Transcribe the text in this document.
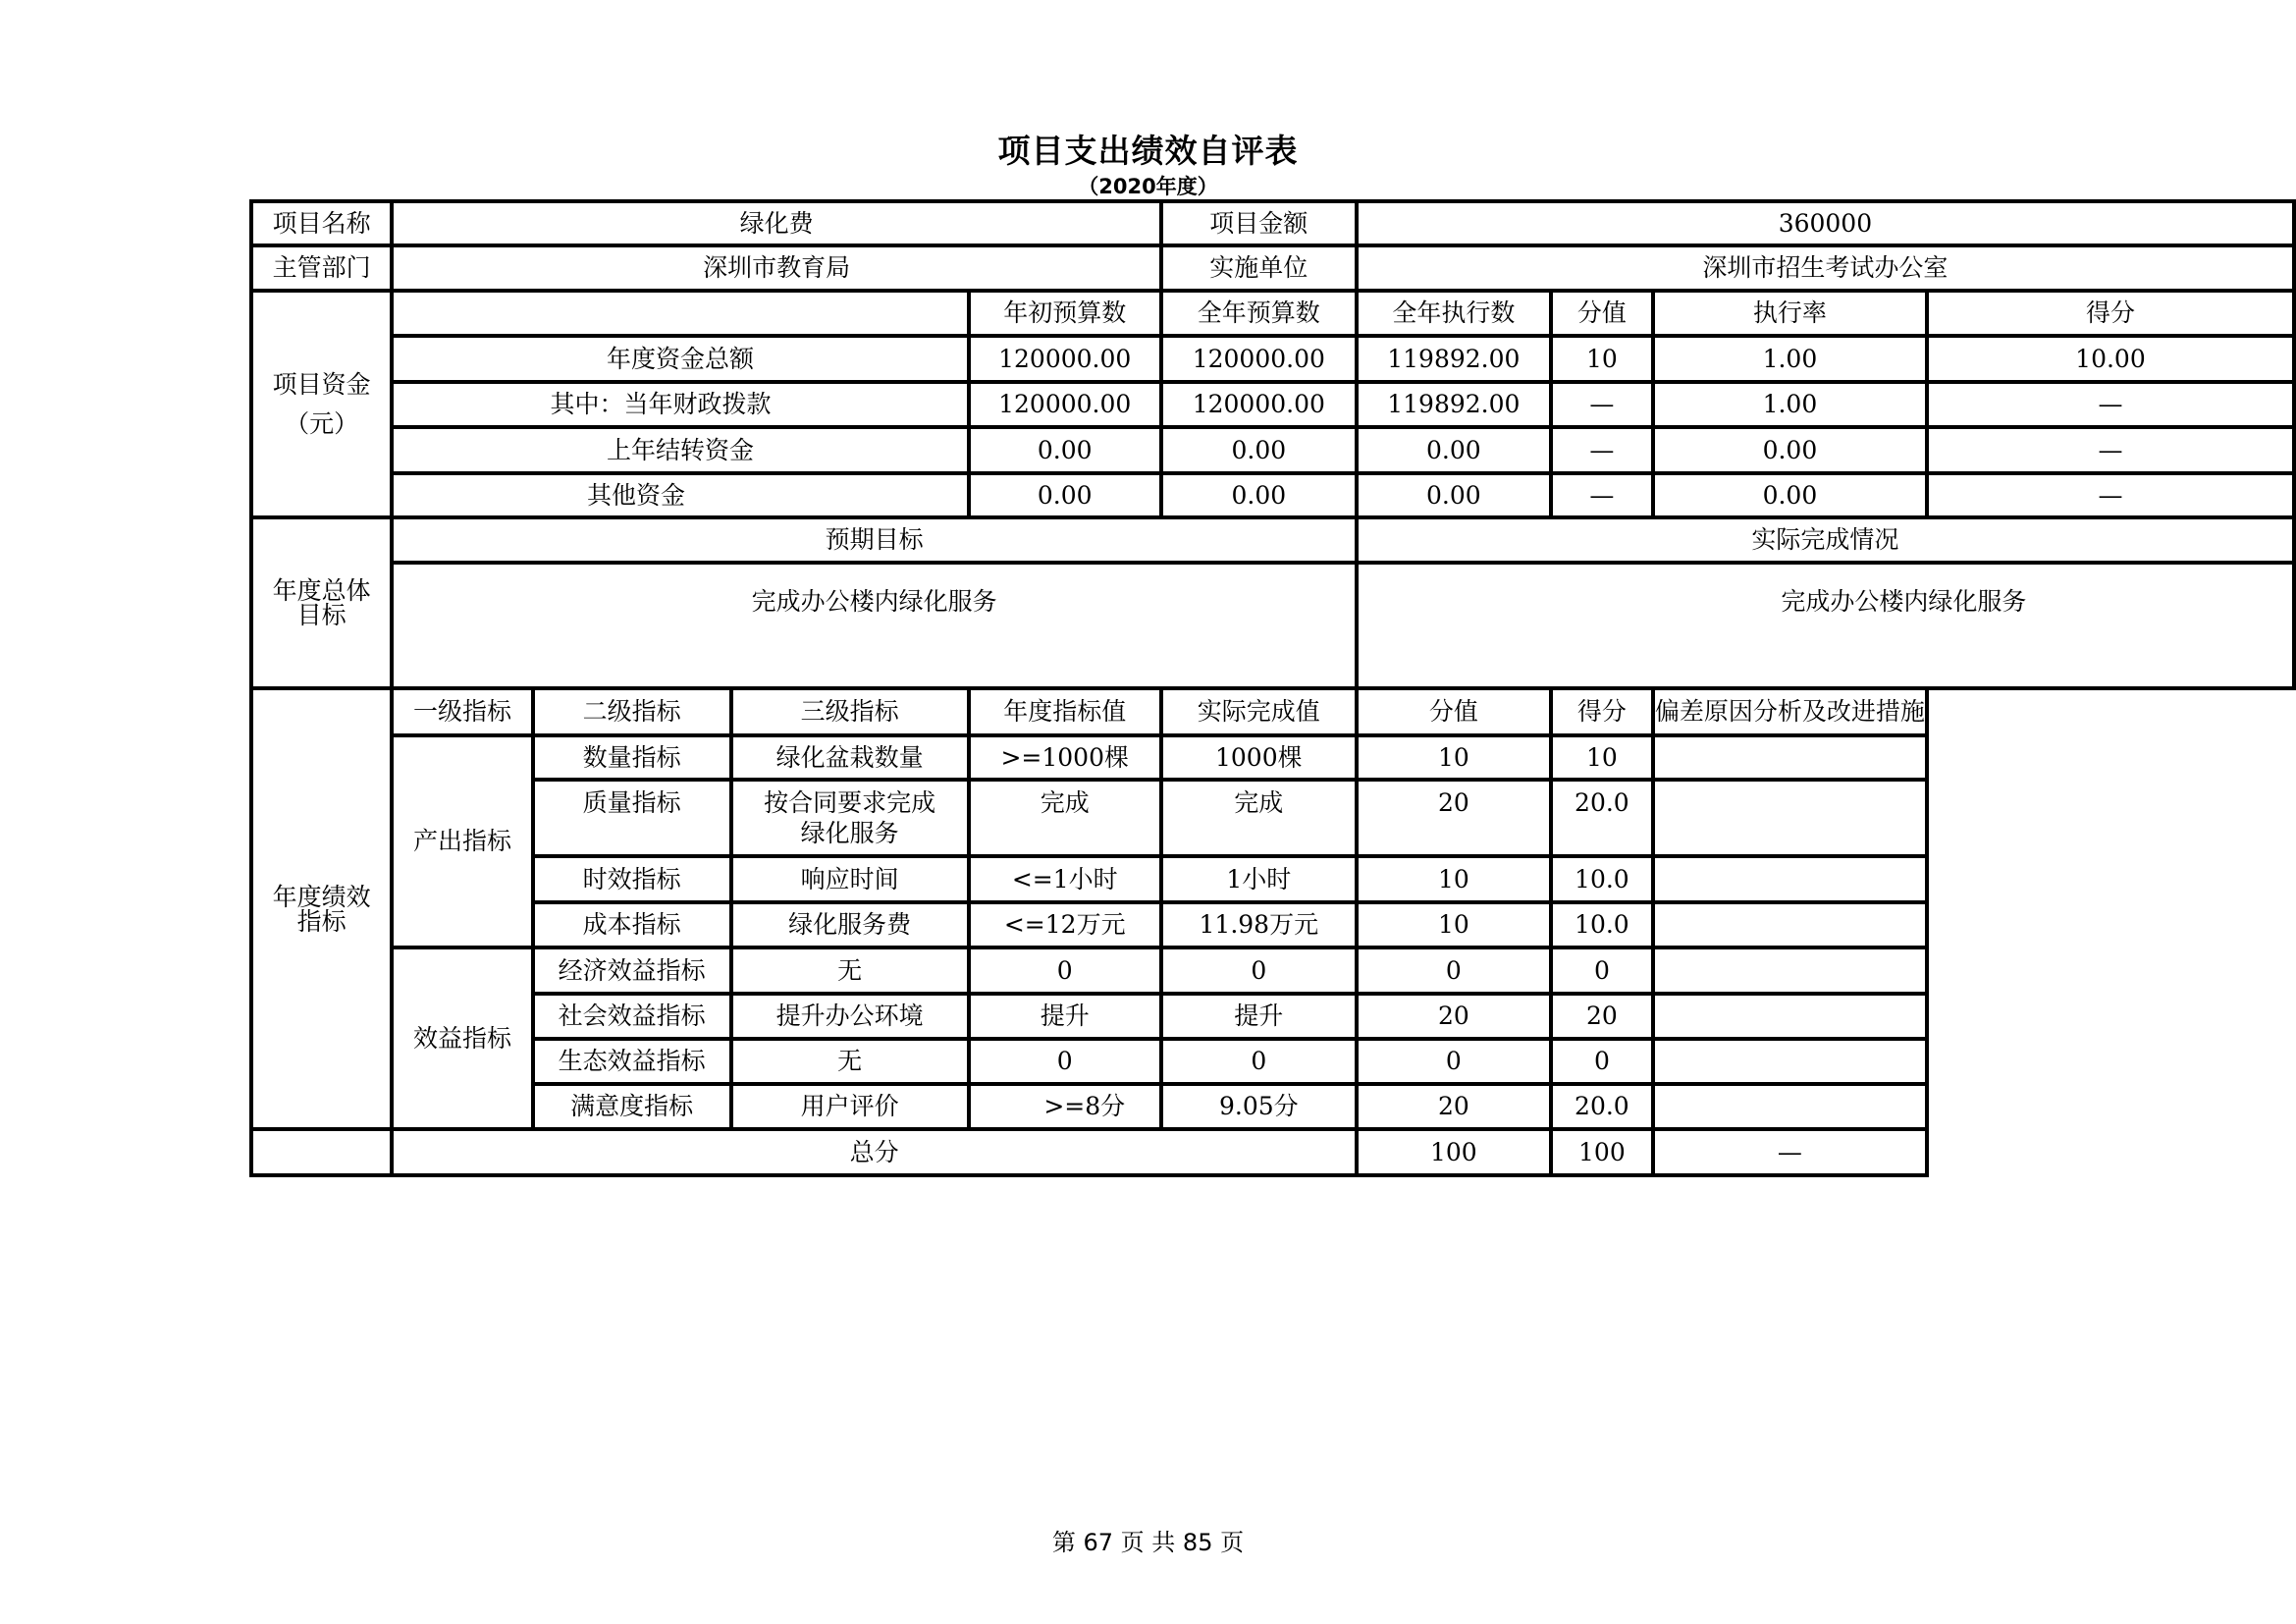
项目支出绩效自评表
（2020年度）
项目名称	绿化费				项目金额	360000			
主管部门	深圳市教育局				实施单位	深圳市招生考试办公室			

项目资金
（元）				年初预算数	全年预算数	全年执行数	分值	执行率	得分
	年度资金总额			120000.00	120000.00	119892.00	10	1.00	10.00
	其中：当年财政拨款			120000.00	120000.00	119892.00	—	1.00	—
	上年结转资金			0.00	0.00	0.00	—	0.00	—
	其他资金			0.00	0.00	0.00	—	0.00	—

年度总体
目标	预期目标					实际完成情况			
	完成办公楼内绿化服务					完成办公楼内绿化服务			

年度绩效
指标	一级指标	二级指标	三级指标	年度指标值	实际完成值	分值	得分	偏差原因分析及改进措施	
	产出指标	数量指标	绿化盆栽数量	>=1000棵	1000棵	10	10		
		质量指标	按合同要求完成绿化服务	完成	完成	20	20.0		
		时效指标	响应时间	<=1小时	1小时	10	10.0		
		成本指标	绿化服务费	<=12万元	11.98万元	10	10.0		
	效益指标	经济效益指标	无	0	0	0	0		
		社会效益指标	提升办公环境	提升	提升	20	20		
		生态效益指标	无	0	0	0	0		
		满意度指标	用户评价	>=8分	9.05分	20	20.0		
	总分					100	100	—	
第 67 页 共 85 页
